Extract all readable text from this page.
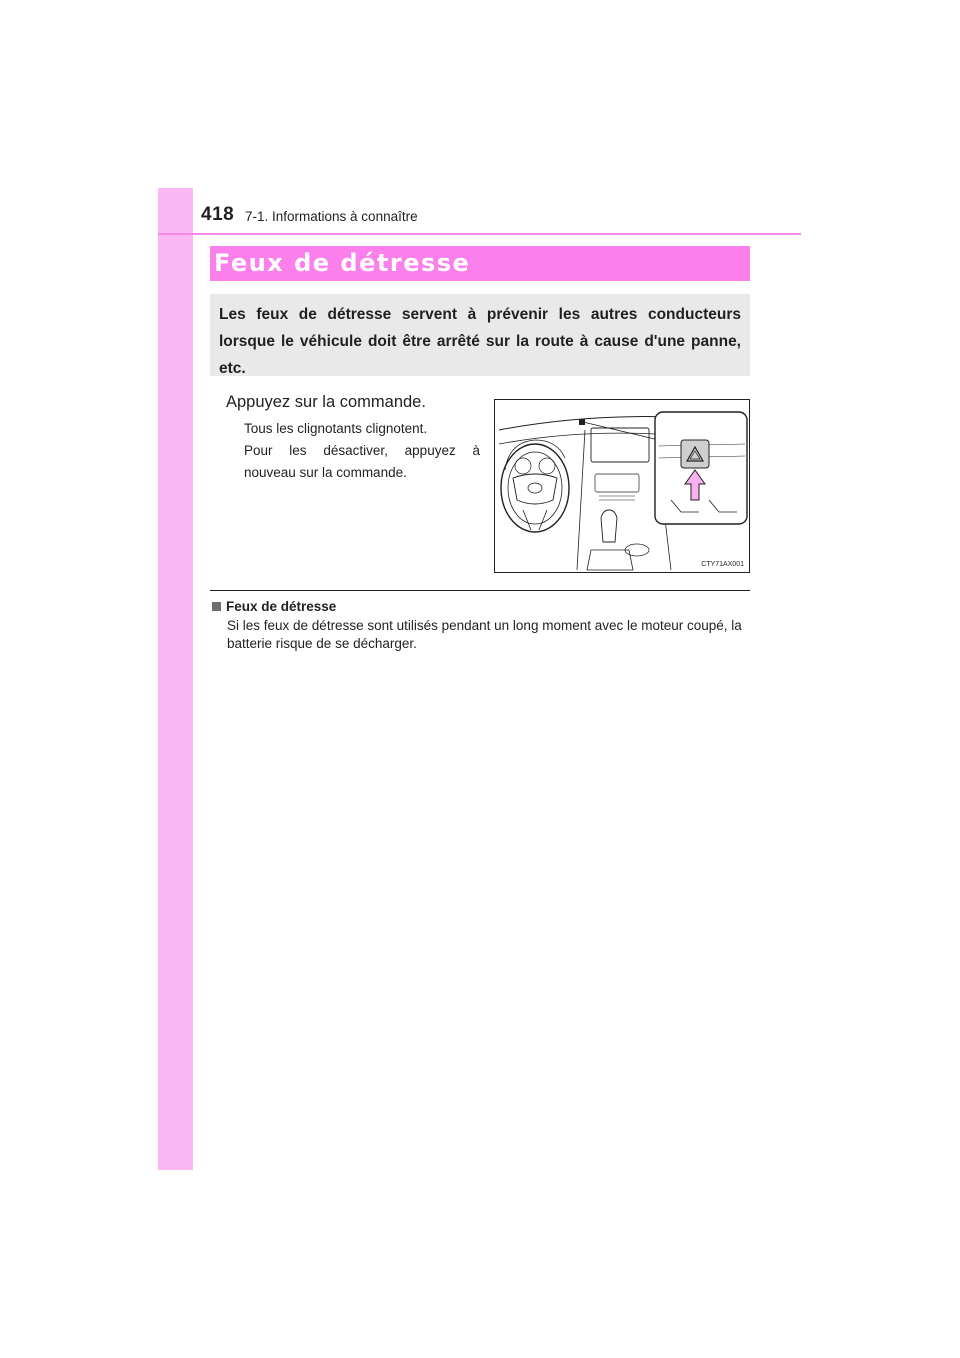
418 7-1. Informations à connaître
Feux de détresse
Les feux de détresse servent à prévenir les autres conducteurs lorsque le véhicule doit être arrêté sur la route à cause d'une panne, etc.
Appuyez sur la commande.

Tous les clignotants clignotent.

Pour les désactiver, appuyez à nouveau sur la commande.

CTY71AX001
Feux de détresse
Si les feux de détresse sont utilisés pendant un long moment avec le moteur coupé, la batterie risque de se décharger.
